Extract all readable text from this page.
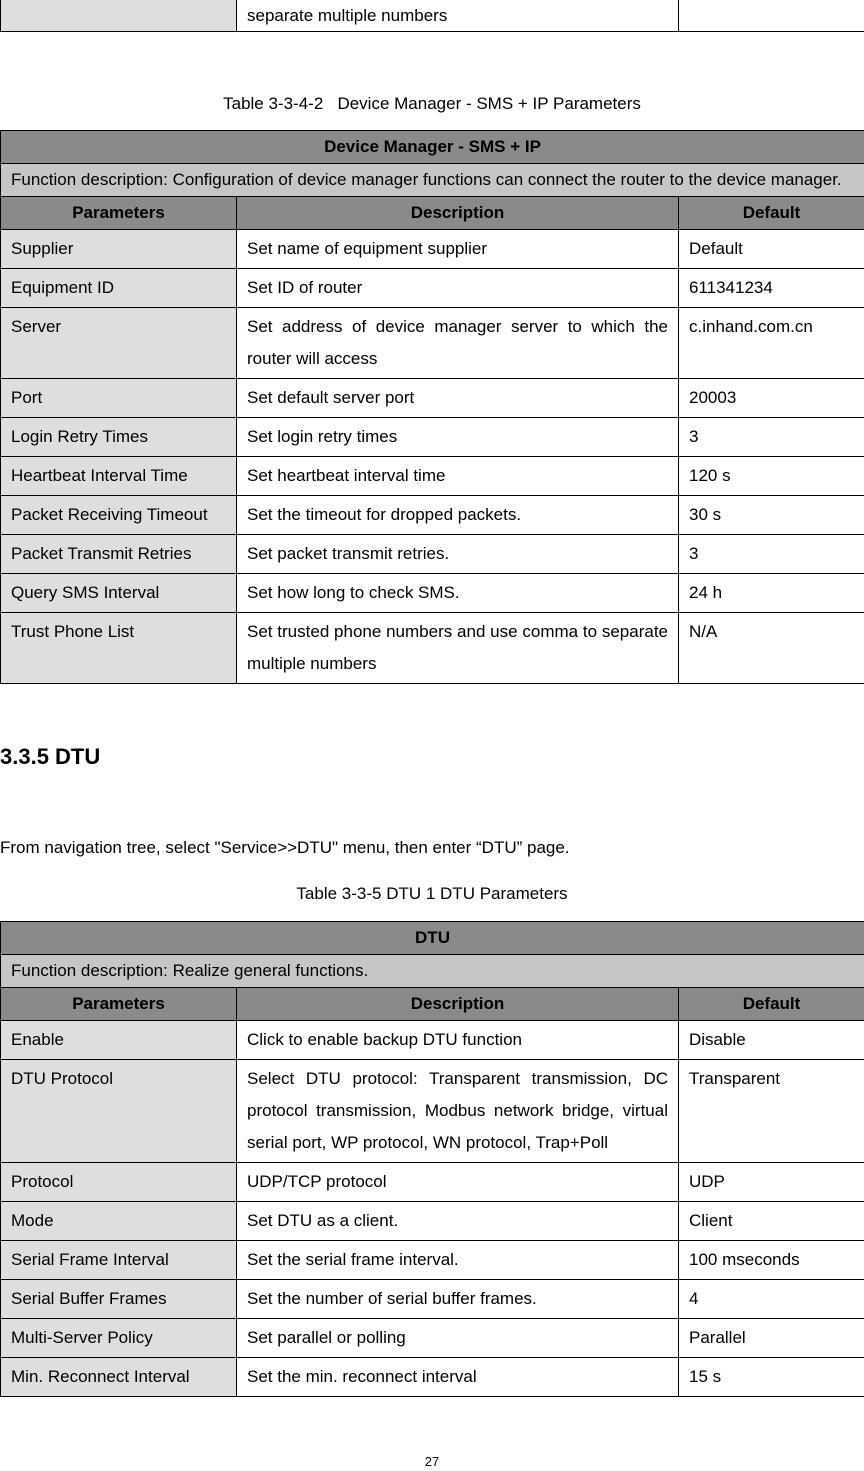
	separate multiple numbers	
Table 3-3-4-2   Device Manager - SMS + IP Parameters
Device Manager - SMS + IP		
Function description: Configuration of device manager functions can connect the router to the device manager.		
Parameters	Description	Default
Supplier	Set name of equipment supplier	Default
Equipment ID	Set ID of router	611341234
Server	Set address of device manager server to which the router will access	c.inhand.com.cn
Port	Set default server port	20003
Login Retry Times	Set login retry times	3
Heartbeat Interval Time	Set heartbeat interval time	120 s
Packet Receiving Timeout	Set the timeout for dropped packets.	30 s
Packet Transmit Retries	Set packet transmit retries.	3
Query SMS Interval	Set how long to check SMS.	24 h
Trust Phone List	Set trusted phone numbers and use comma to separate multiple numbers	N/A
3.3.5 DTU
From navigation tree, select "Service>>DTU" menu, then enter “DTU” page.
Table 3-3-5 DTU 1 DTU Parameters
DTU		
Function description: Realize general functions.		
Parameters	Description	Default
Enable	Click to enable backup DTU function	Disable
DTU Protocol	Select DTU protocol: Transparent transmission, DC protocol transmission, Modbus network bridge, virtual serial port, WP protocol, WN protocol, Trap+Poll	Transparent
Protocol	UDP/TCP protocol	UDP
Mode	Set DTU as a client.	Client
Serial Frame Interval	Set the serial frame interval.	100 mseconds
Serial Buffer Frames	Set the number of serial buffer frames.	4
Multi-Server Policy	Set parallel or polling	Parallel
Min. Reconnect Interval	Set the min. reconnect interval	15 s
27
